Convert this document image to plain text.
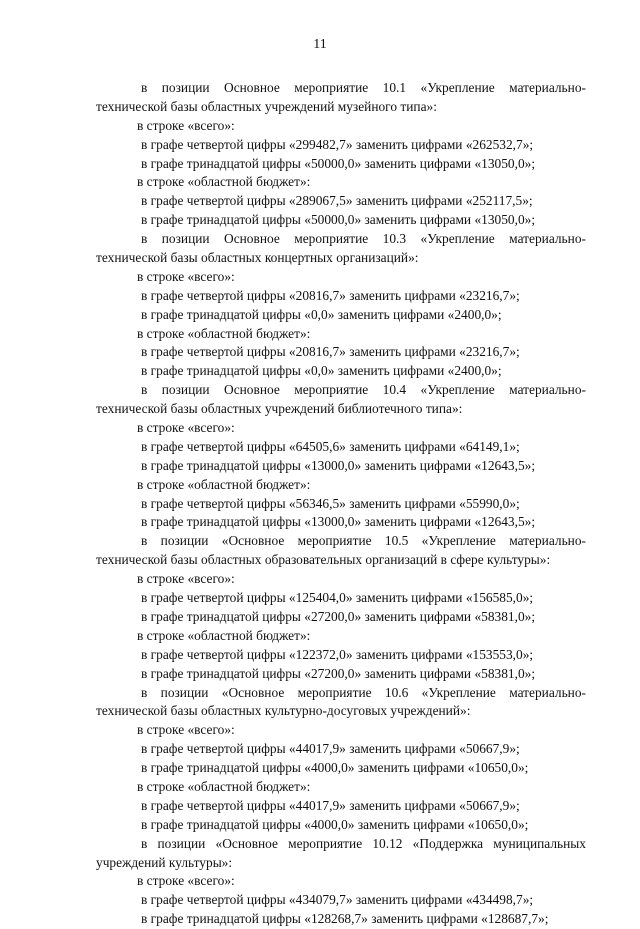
11
в позиции Основное мероприятие 10.1 «Укрепление материально-
технической базы областных учреждений музейного типа»:
в строке «всего»:
в графе четвертой цифры «299482,7» заменить цифрами «262532,7»;
в графе тринадцатой цифры «50000,0» заменить цифрами «13050,0»;
в строке «областной бюджет»:
в графе четвертой цифры «289067,5» заменить цифрами «252117,5»;
в графе тринадцатой цифры «50000,0» заменить цифрами «13050,0»;
в позиции Основное мероприятие 10.3 «Укрепление материально-
технической базы областных концертных организаций»:
в строке «всего»:
в графе четвертой цифры «20816,7» заменить цифрами «23216,7»;
в графе тринадцатой цифры «0,0» заменить цифрами «2400,0»;
в строке «областной бюджет»:
в графе четвертой цифры «20816,7» заменить цифрами «23216,7»;
в графе тринадцатой цифры «0,0» заменить цифрами «2400,0»;
в позиции Основное мероприятие 10.4 «Укрепление материально-
технической базы областных учреждений библиотечного типа»:
в строке «всего»:
в графе четвертой цифры «64505,6» заменить цифрами «64149,1»;
в графе тринадцатой цифры «13000,0» заменить цифрами «12643,5»;
в строке «областной бюджет»:
в графе четвертой цифры «56346,5» заменить цифрами «55990,0»;
в графе тринадцатой цифры «13000,0» заменить цифрами «12643,5»;
в позиции «Основное мероприятие 10.5 «Укрепление материально-
технической базы областных образовательных организаций в сфере культуры»:
в строке «всего»:
в графе четвертой цифры «125404,0» заменить цифрами «156585,0»;
в графе тринадцатой цифры «27200,0» заменить цифрами «58381,0»;
в строке «областной бюджет»:
в графе четвертой цифры «122372,0» заменить цифрами «153553,0»;
в графе тринадцатой цифры «27200,0» заменить цифрами «58381,0»;
в позиции «Основное мероприятие 10.6 «Укрепление материально-
технической базы областных культурно-досуговых учреждений»:
в строке «всего»:
в графе четвертой цифры «44017,9» заменить цифрами «50667,9»;
в графе тринадцатой цифры «4000,0» заменить цифрами «10650,0»;
в строке «областной бюджет»:
в графе четвертой цифры «44017,9» заменить цифрами «50667,9»;
в графе тринадцатой цифры «4000,0» заменить цифрами «10650,0»;
в позиции «Основное мероприятие 10.12 «Поддержка муниципальных
учреждений культуры»:
в строке «всего»:
в графе четвертой цифры «434079,7» заменить цифрами «434498,7»;
в графе тринадцатой цифры «128268,7» заменить цифрами «128687,7»;
